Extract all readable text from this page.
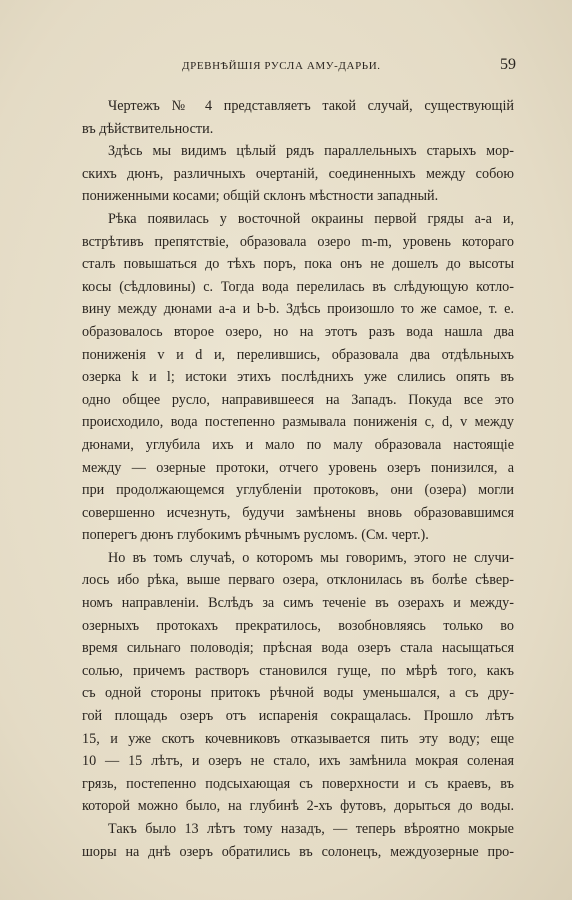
ДРЕВНѢЙШІЯ РУСЛА АМУ-ДАРЬИ.	59
Чертежъ № 4 представляетъ такой случай, существующій
въ дѣйствительности.
Здѣсь мы видимъ цѣлый рядъ параллельныхъ старыхъ мор-
скихъ дюнъ, различныхъ очертаній, соединенныхъ между собою
пониженными косами; общій склонъ мѣстности западный.
Рѣка появилась у восточной окраины первой гряды а-а и,
встрѣтивъ препятствіе, образовала озеро m-m, уровень котораго
сталъ повышаться до тѣхъ поръ, пока онъ не дошелъ до высоты
косы (сѣдловины) с. Тогда вода перелилась въ слѣдующую котло-
вину между дюнами а-а и b-b. Здѣсь произошло то же самое, т. е.
образовалось второе озеро, но на этотъ разъ вода нашла два
пониженія v и d и, перелившись, образовала два отдѣльныхъ
озерка k и l; истоки этихъ послѣднихъ уже слились опять въ
одно общее русло, направившееся на Западъ. Покуда все это
происходило, вода постепенно размывала пониженія с, d, v между
дюнами, углубила ихъ и мало по малу образовала настоящіе
между — озерные протоки, отчего уровень озеръ понизился, а
при продолжающемся углубленіи протоковъ, они (озера) могли
совершенно исчезнуть, будучи замѣнены вновь образовавшимся
поперегъ дюнъ глубокимъ рѣчнымъ русломъ. (См. черт.).
Но въ томъ случаѣ, о которомъ мы говоримъ, этого не случи-
лось ибо рѣка, выше перваго озера, отклонилась въ болѣе сѣвер-
номъ направленіи. Вслѣдъ за симъ теченіе въ озерахъ и между-
озерныхъ протокахъ прекратилось, возобновляясь только во
время сильнаго половодія; прѣсная вода озеръ стала насыщаться
солью, причемъ растворъ становился гуще, по мѣрѣ того, какъ
съ одной стороны притокъ рѣчной воды уменьшался, а съ дру-
гой площадь озеръ отъ испаренія сокращалась. Прошло лѣтъ
15, и уже скотъ кочевниковъ отказывается пить эту воду; еще
10 — 15 лѣтъ, и озеръ не стало, ихъ замѣнила мокрая соленая
грязь, постепенно подсыхающая съ поверхности и съ краевъ, въ
которой можно было, на глубинѣ 2-хъ футовъ, дорыться до воды.
Такъ было 13 лѣтъ тому назадъ, — теперь вѣроятно мокрые
шоры на днѣ озеръ обратились въ солонецъ, междуозерные про-
